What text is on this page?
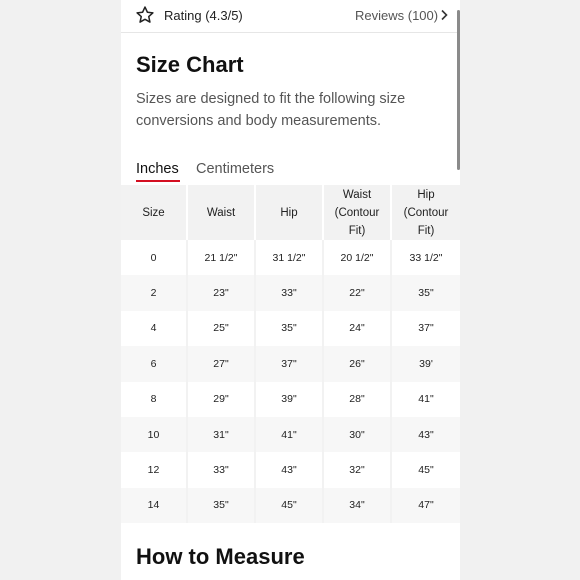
Rating (4.3/5)	Reviews (100)
Size Chart
Sizes are designed to fit the following size conversions and body measurements.
Inches Centimeters
Size	Waist	Hip	Waist (Contour Fit)	Hip (Contour Fit)
0	21 1/2"	31 1/2"	20 1/2"	33 1/2"
2	23"	33"	22"	35"
4	25"	35"	24"	37"
6	27"	37"	26"	39'
8	29"	39"	28"	41"
10	31"	41"	30"	43"
12	33"	43"	32"	45"
14	35"	45"	34"	47"
How to Measure
